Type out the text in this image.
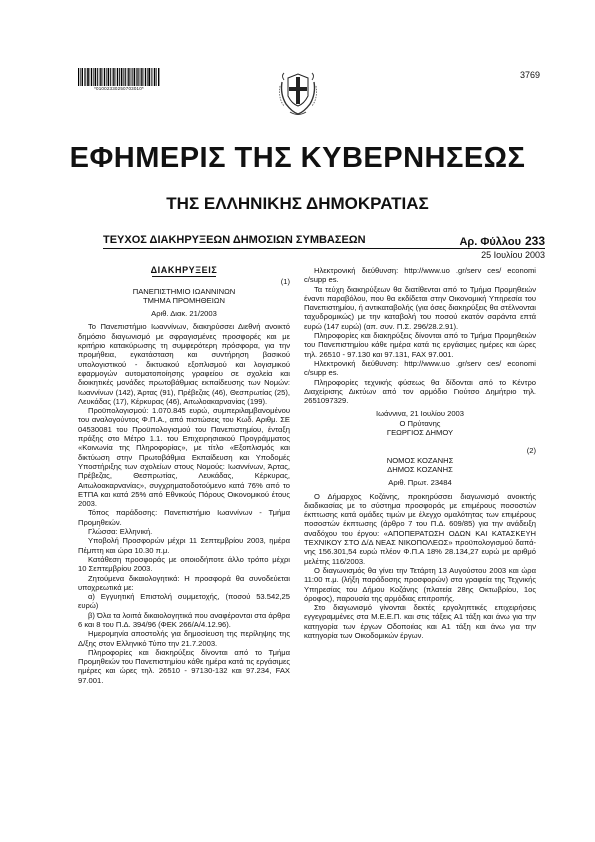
*01002330250703010*
3769
ΕΦΗΜΕΡΙΣ ΤΗΣ ΚΥΒΕΡΝΗΣΕΩΣ
ΤΗΣ ΕΛΛΗΝΙΚΗΣ ΔΗΜΟΚΡΑΤΙΑΣ
ΤΕΥΧΟΣ ΔΙΑΚΗΡΥΞΕΩΝ ΔΗΜΟΣΙΩΝ ΣΥΜΒΑΣΕΩΝ	Αρ. Φύλλου 233
25 Ιουλίου 2003
ΔΙΑΚΗΡΥΞΕΙΣ

(1)

ΠΑΝΕΠΙΣΤΗΜΙΟ ΙΩΑΝΝΙΝΩΝ

ΤΜΗΜΑ ΠΡΟΜΗΘΕΙΩΝ

Αριθ. Διακ. 21/2003

Το Πανεπιστήμιο Ιωαννίνων, διακηρύσσει Διεθνή ανοικτό δημόσιο διαγωνισμό με σφραγισμένες προσφορές και με κριτήριο κατακύρωσης τη συμφερότερη πρόσφορα, για την προμήθεια, εγκατάσταση και συντήρηση βασικού υπολογιστικού - δικτυακού εξοπλισμού και λογισμικού εφαρμογών αυτοματοποίησης γραφείου σε σχολεία και διοικητικές μονάδες πρωτοβάθμιας εκπαίδευσης των Νομών: Ιωαννίνων (142), Άρτας (91), Πρέβεζας (46), Θεσπρωτίας (25), Λευκάδας (17), Κέρκυρας (46), Αιτωλοακαρνανίας (199).

Προϋπολογισμού: 1.070.845 ευρώ, συμπεριλαμβανομένου του αναλογούντος Φ.Π.Α., από πιστώσεις του Κωδ. Αριθμ. ΣΕ 04530081 του Προϋπολογισμού του Πανεπιστημίου, ένταξη πράξης στο Μέτρο 1.1. του Επιχειρησιακού Προγράμματος «Κοινωνία της Πληροφορίας», με τίτλο «Εξοπλισμός και δικτύωση στην Πρωτοβάθμια Εκπαίδευση και Υποδομές Υποστήριξης των σχολείων στους Νομούς: Ιωαννίνων, Άρτας, Πρέβεζας, Θεσπρωτίας, Λευκάδας, Κέρκυρας, Αιτωλοακαρνανίας», συγχρηματοδοτούμενο κατά 76% από το ΕΤΠΑ και κατά 25% από Εθνικούς Πόρους Οικονομικού έτους 2003.

Τόπος παράδοσης: Πανεπιστήμιο Ιωαννίνων - Τμήμα Προμηθειών.

Γλώσσα: Ελληνική.

Υποβολή Προσφορών μέχρι 11 Σεπτεμβρίου 2003, ημέρα Πέμπτη και ώρα 10.30 π.μ.

Κατάθεση προσφοράς με οποιοδήποτε άλλο τρόπο μέχρι 10 Σεπτεμβρίου 2003.

Ζητούμενα δικαιολογητικά: Η προσφορά θα συνοδεύεται υποχρεωτικά με:

α) Εγγυητική Επιστολή συμμετοχής, (ποσού 53.542,25 ευρώ)

β) Όλα τα λοιπά δικαιολογητικά που αναφέρονται στα άρθρα 6 και 8 του Π.Δ. 394/96 (ΦΕΚ 266/Α/4.12.96).

Ημερομηνία αποστολής για δημοσίευση της περίληψης της Δ/ξης στον Ελληνικό Τύπο την 21.7.2003.

Πληροφορίες και διακηρύξεις δίνονται από το Τμήμα Προμηθειών του Πανεπιστημίου κάθε ημέρα κατά τις εργάσιμες ημέρες και ώρες τηλ. 26510 - 97130-132 και 97.234, FAX 97.001.

Ηλεκτρονική διεύθυνση: http://www.uo .gr/serv ces/ economi c/supp es.

Τα τεύχη διακηρύξεων θα διατίθενται από το Τμήμα Προμηθειών έναντι παραβόλου, που θα εκδίδεται στην Οικονομική Υπηρεσία του Πανεπιστημίου, ή αντικαταβολής (για όσες διακηρύξεις θα στέλνονται ταχυδρομικώς) με την καταβολή του ποσού εκατόν σαράντα επτά ευρώ (147 ευρώ) (απ. συν. Π.Σ. 296/28.2.91).

Πληροφορίες και διακηρύξεις δίνονται από το Τμήμα Προμηθειών του Πανεπιστημίου κάθε ημέρα κατά τις εργάσιμες ημέρες και ώρες τηλ. 26510 - 97.130 και 97.131, FAX 97.001.

Ηλεκτρονική διεύθυνση: http://www.uo .gr/serv ces/ economi c/supp es.

Πληροφορίες τεχνικής φύσεως θα δίδονται από το Κέντρο Διαχείρισης Δικτύων από τον αρμόδιο Γιούτσο Δημήτριο τηλ. 2651097329.

Ιωάννινα, 21 Ιουλίου 2003

Ο Πρύτανης

ΓΕΩΡΓΙΟΣ ΔΗΜΟΥ

(2)

ΝΟΜΟΣ ΚΟΖΑΝΗΣ

ΔΗΜΟΣ ΚΟΖΑΝΗΣ

Αριθ. Πρωτ. 23484

Ο Δήμαρχος Κοζάνης, προκηρύσσει διαγωνισμό ανοικτής διαδικασίας με το σύστημα προσφοράς με επιμέρους ποσοστών έκπτωσης κατά ομάδες τιμών με έλεγχο ομαλότητας των επιμέρους ποσοστών έκπτωσης (άρθρο 7 του Π.Δ. 609/85) για την ανάδειξη αναδόχου του έργου: «ΑΠΟΠΕΡΑΤΩΣΗ ΟΔΩΝ ΚΑΙ ΚΑΤΑΣΚΕΥΗ ΤΕΧΝΙΚΟΥ ΣΤΟ Δ/Δ ΝΕΑΣ ΝΙΚΟΠΟΛΕΩΣ» προϋπολογισμού δαπάνης 156.301,54 ευρώ πλέον Φ.Π.Α 18% 28.134,27 ευρώ με αριθμό μελέτης 116/2003.

Ο διαγωνισμός θα γίνει την Τετάρτη 13 Αυγούστου 2003 και ώρα 11:00 π.μ. (λήξη παράδοσης προσφορών) στα γραφεία της Τεχνικής Υπηρεσίας του Δήμου Κοζάνης (πλατεία 28ης Οκτωβρίου, 1ος όροφος), παρουσία της αρμόδιας επιτροπής.

Στο διαγωνισμό γίνονται δεκτές εργοληπτικές επιχειρήσεις εγγεγραμμένες στα Μ.Ε.Ε.Π. και στις τάξεις Α1 τάξη και άνω για την κατηγορία των έργων Οδοποιίας και Α1 τάξη και άνω για την κατηγορία των Οικοδομικών έργων.
